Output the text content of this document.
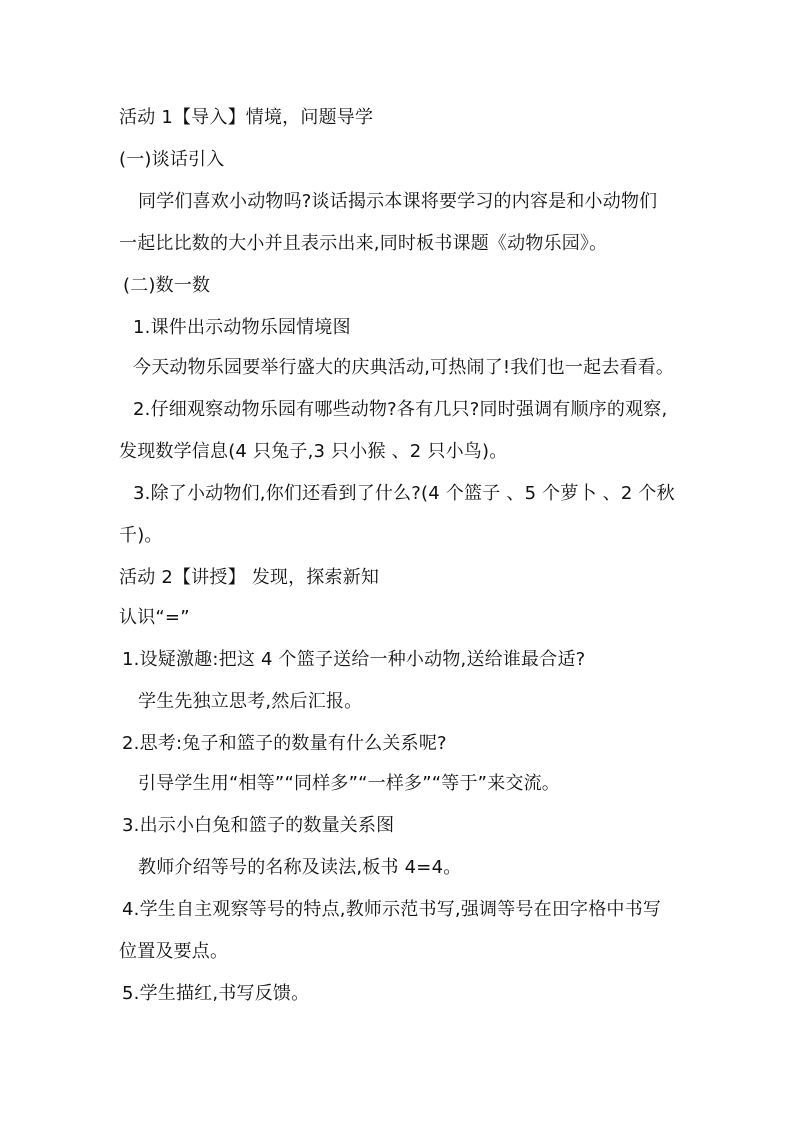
活动 1【导入】情境，问题导学
(一)谈话引入
同学们喜欢小动物吗?谈话揭示本课将要学习的内容是和小动物们
一起比比数的大小并且表示出来,同时板书课题《动物乐园》。
(二)数一数
1.课件出示动物乐园情境图
今天动物乐园要举行盛大的庆典活动,可热闹了!我们也一起去看看。
2.仔细观察动物乐园有哪些动物?各有几只?同时强调有顺序的观察,
发现数学信息(4 只兔子,3 只小猴 、2 只小鸟)。
3.除了小动物们,你们还看到了什么?(4 个篮子 、5 个萝卜 、2 个秋
千)。
活动 2【讲授】 发现，探索新知
认识“=”
1.设疑激趣:把这 4 个篮子送给一种小动物,送给谁最合适?
学生先独立思考,然后汇报。
2.思考:兔子和篮子的数量有什么关系呢?
引导学生用“相等”“同样多”“一样多”“等于”来交流。
3.出示小白兔和篮子的数量关系图
教师介绍等号的名称及读法,板书 4=4。
4.学生自主观察等号的特点,教师示范书写,强调等号在田字格中书写
位置及要点。
5.学生描红,书写反馈。
